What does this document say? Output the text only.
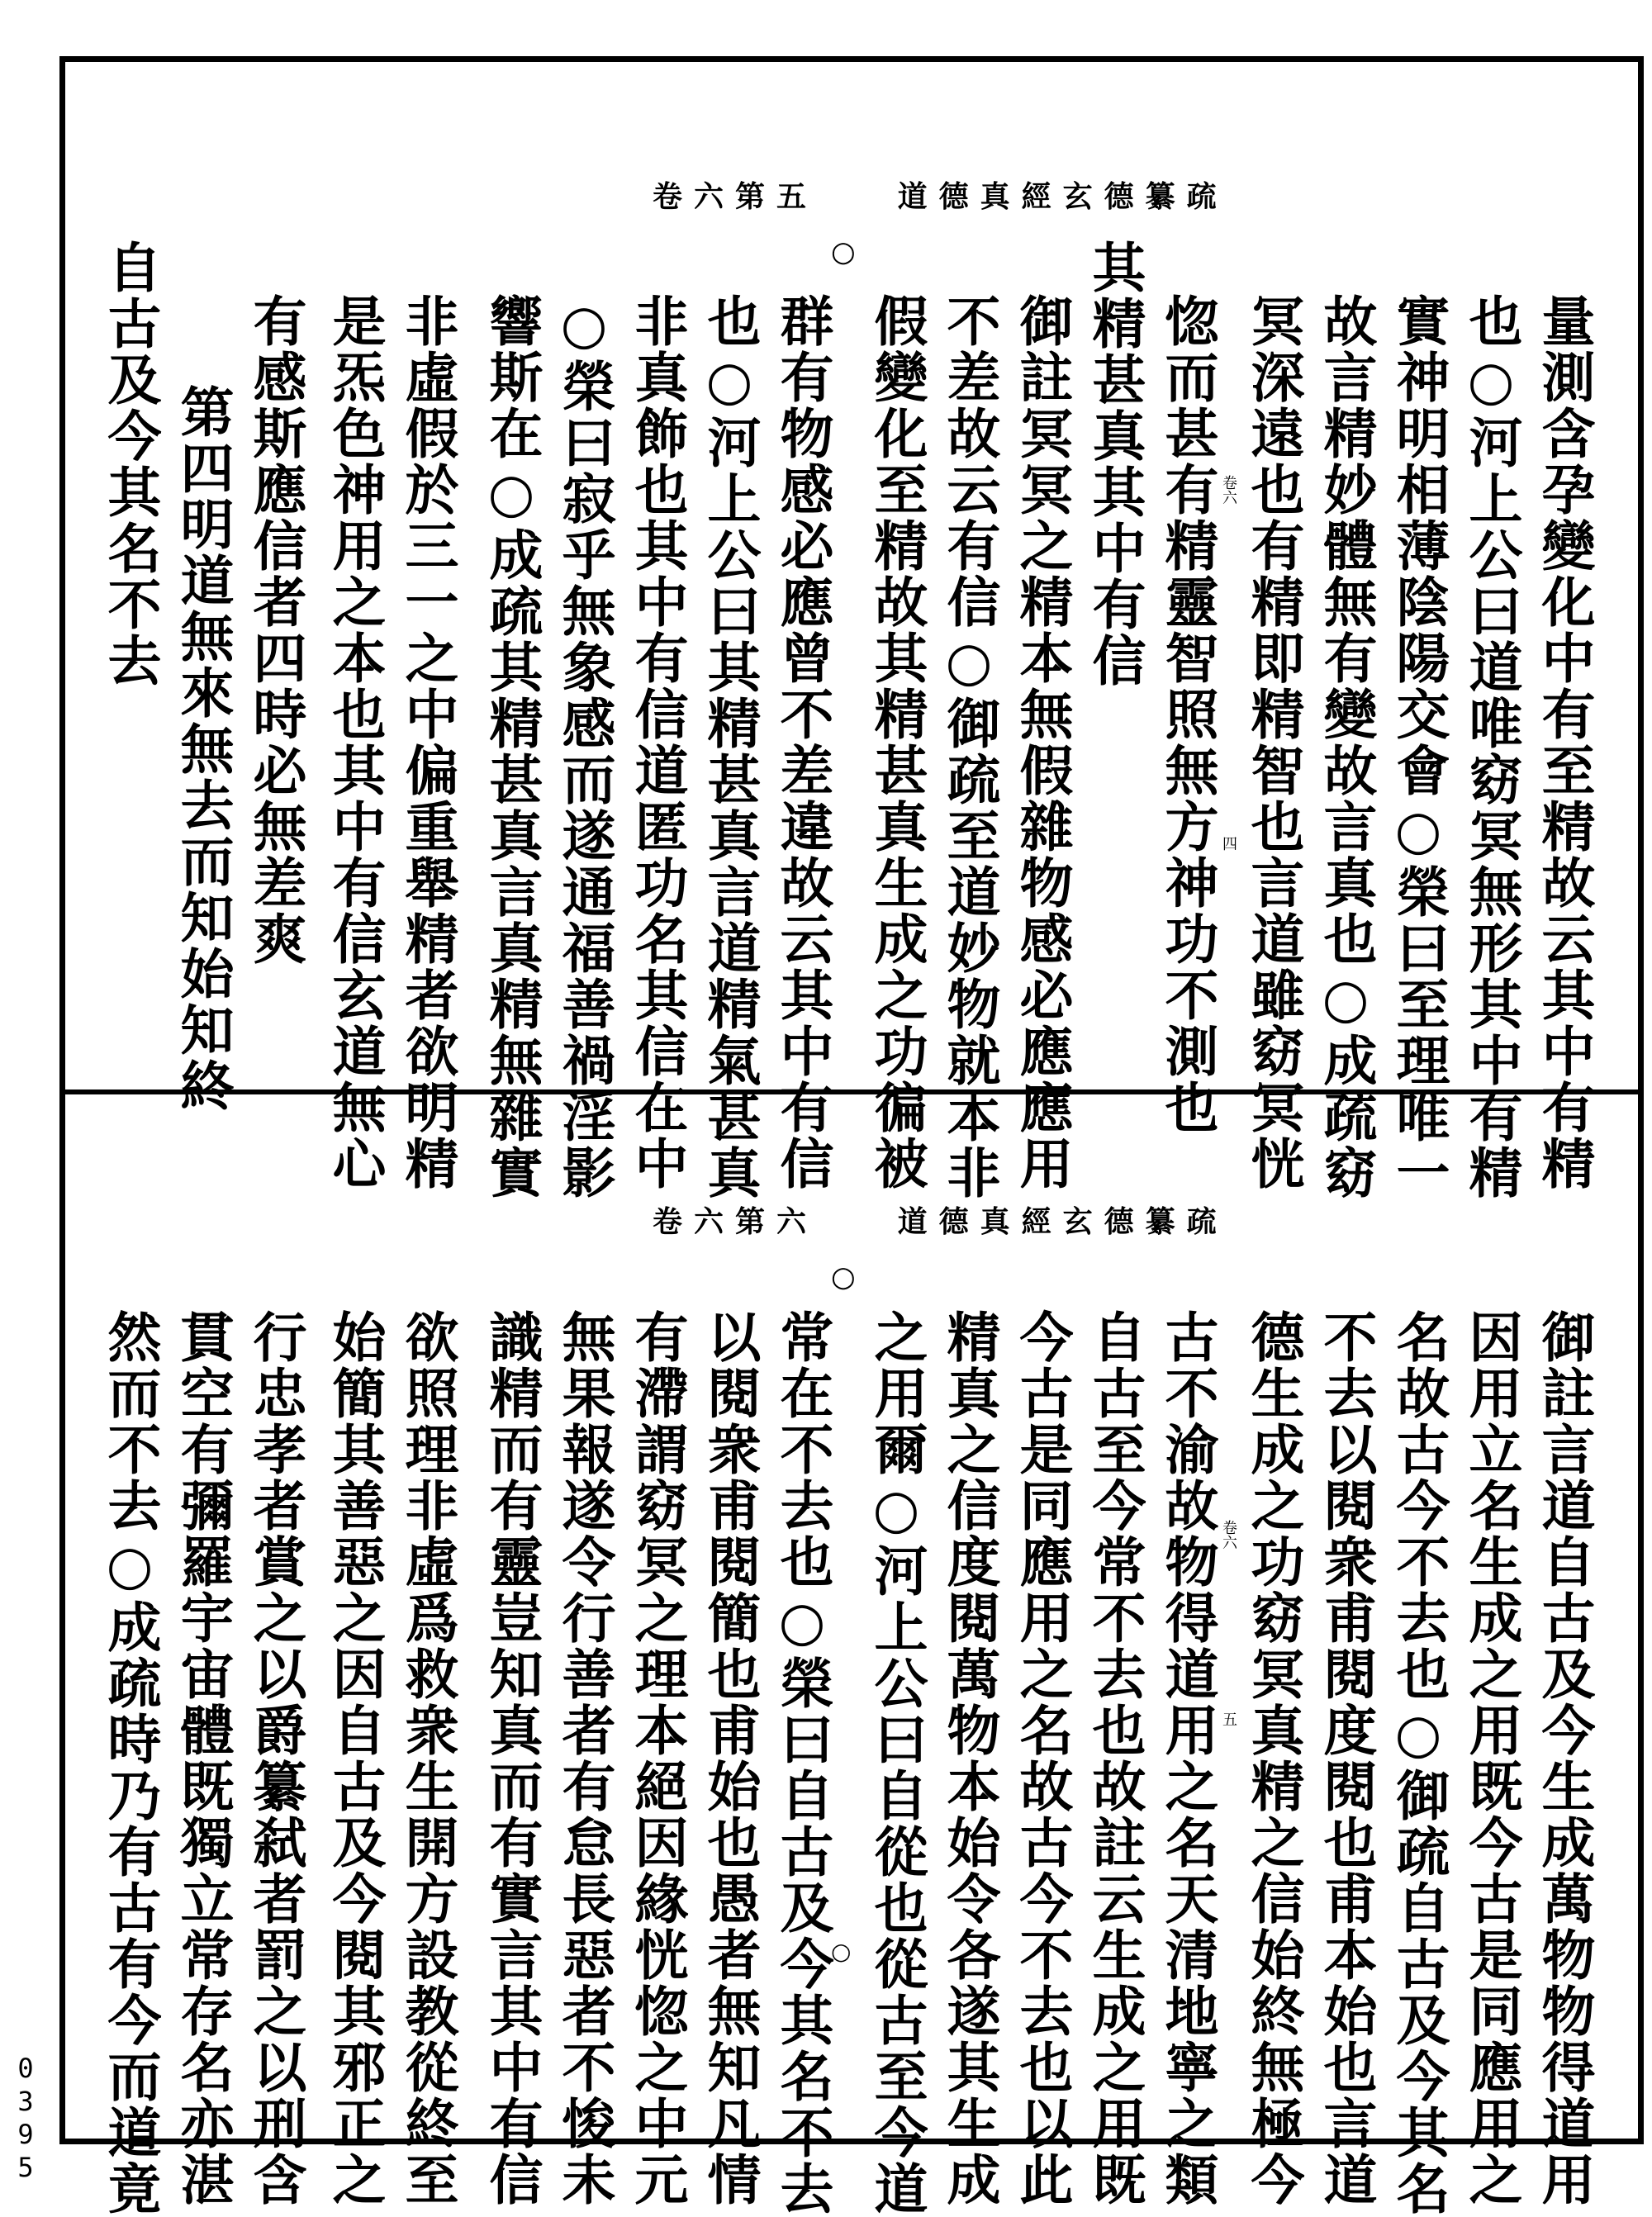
卷六第五	道德真經玄德纂疏
○
卷六
四	量測含孕變化中有至精故云其中有精
也○河上公曰道唯窈冥無形其中有精
實神明相薄陰陽交會○榮曰至理唯一
故言精妙體無有變故言真也○成疏窈
冥深遠也有精即精智也言道雖窈冥恍
惚而甚有精靈智照無方神功不測也
其精甚真其中有信
御註冥冥之精本無假雜物感必應應用
不差故云有信○御疏至道妙物就本非
假變化至精故其精甚真生成之功徧被
群有物感必應曾不差違故云其中有信
也○河上公曰其精甚真言道精氣甚真
非真飾也其中有信道匿功名其信在中
○榮曰寂乎無象感而遂通福善禍淫影
響斯在○成疏其精甚真言真精無雜實
非虛假於三一之中偏重舉精者欲明精
是炁色神用之本也其中有信玄道無心
有感斯應信者四時必無差爽
第四明道無來無去而知始知終
自古及今其名不去
卷六第六	道德真經玄德纂疏
○
○
卷六
五	御註言道自古及今生成萬物物得道用
因用立名生成之用既今古是同應用之
名故古今不去也○御疏自古及今其名
不去以閱衆甫閱度閱也甫本始也言道
德生成之功窈冥真精之信始終無極今
古不渝故物得道用之名天清地寧之類
自古至今常不去也故註云生成之用既
今古是同應用之名故古今不去也以此
精真之信度閱萬物本始令各遂其生成
之用爾○河上公曰自從也從古至今道
常在不去也○榮曰自古及今其名不去
以閱衆甫閱簡也甫始也愚者無知凡情
有滯謂窈冥之理本絕因緣恍惚之中元
無果報遂令行善者有怠長惡者不悛未
識精而有靈豈知真而有實言其中有信
欲照理非虛爲救衆生開方設教從終至
始簡其善惡之因自古及今閱其邪正之
行忠孝者賞之以爵纂弑者罰之以刑含
貫空有彌羅宇宙體既獨立常存名亦湛
然而不去○成疏時乃有古有今而道竟
0395
